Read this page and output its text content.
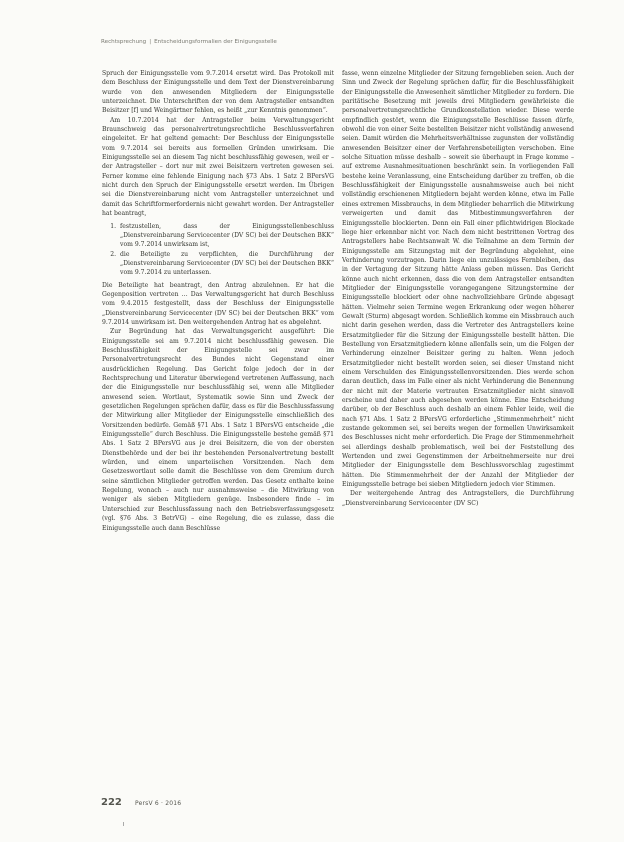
Rechtsprechung | Entscheidungsformalien der Einigungsstelle

Spruch der Einigungsstelle vom 9.7.2014 ersetzt wird. Das Protokoll mit dem Beschluss der Einigungsstelle und dem Text der Dienstvereinbarung wurde von den anwesenden Mitgliedern der Einigungsstelle unterzeichnet. Die Unterschriften der von dem Antragsteller entsandten Beisitzer [f] und Weingärtner fehlen, es heißt „zur Kenntnis genommen“.

Am 10.7.2014 hat der Antragsteller beim Verwaltungsgericht Braunschweig das personalvertretungsrechtliche Beschlussverfahren eingeleitet. Er hat geltend gemacht: Der Beschluss der Einigungsstelle vom 9.7.2014 sei bereits aus formellen Gründen unwirksam. Die Einigungsstelle sei an diesem Tag nicht beschlussfähig gewesen, weil er – der Antragsteller – dort nur mit zwei Beisitzern vertreten gewesen sei. Ferner komme eine fehlende Einigung nach §73 Abs. 1 Satz 2 BPersVG nicht durch den Spruch der Einigungsstelle ersetzt werden. Im Übrigen sei die Dienstvereinbarung nicht vom Antragsteller unterzeichnet und damit das Schriftformerfordernis nicht gewahrt worden. Der Antragsteller hat beantragt,

1. festzustellen, dass der Einigungsstellenbeschluss „Dienstvereinbarung Servicecenter (DV SC) bei der Deutschen BKK“ vom 9.7.2014 unwirksam ist,
2. die Beteiligte zu verpflichten, die Durchführung der „Dienstvereinbarung Servicecenter (DV SC) bei der Deutschen BKK“ vom 9.7.2014 zu unterlassen.

Die Beteiligte hat beantragt, den Antrag abzulehnen. Er hat die Gegenposition vertreten … Das Verwaltungsgericht hat durch Beschluss vom 9.4.2015 festgestellt, dass der Beschluss der Einigungsstelle „Dienstvereinbarung Servicecenter (DV SC) bei der Deutschen BKK“ vom 9.7.2014 unwirksam ist. Den weitergehenden Antrag hat es abgelehnt.

Zur Begründung hat das Verwaltungsgericht ausgeführt: Die Einigungsstelle sei am 9.7.2014 nicht beschlussfähig gewesen. Die Beschlussfähigkeit der Einigungsstelle sei zwar im Personalvertretungsrecht des Bundes nicht Gegenstand einer ausdrücklichen Regelung. Das Gericht folge jedoch der in der Rechtsprechung und Literatur überwiegend vertretenen Auffassung, nach der die Einigungsstelle nur beschlussfähig sei, wenn alle Mitglieder anwesend seien. Wortlaut, Systematik sowie Sinn und Zweck der gesetzlichen Regelungen sprächen dafür, dass es für die Beschlussfassung der Mitwirkung aller Mitglieder der Einigungsstelle einschließlich des Vorsitzenden bedürfe. Gemäß §71 Abs. 1 Satz 1 BPersVG entscheide „die Einigungsstelle“ durch Beschluss. Die Einigungsstelle bestehe gemäß §71 Abs. 1 Satz 2 BPersVG aus je drei Beisitzern, die von der obersten Dienstbehörde und der bei ihr bestehenden Personalvertretung bestellt würden, und einem unparteiischen Vorsitzenden. Nach dem Gesetzeswortlaut solle damit die Beschlüsse von dem Gremium durch seine sämtlichen Mitglieder getroffen werden. Das Gesetz enthalte keine Regelung, wonach – auch nur ausnahmsweise – die Mitwirkung von weniger als sieben Mitgliedern genüge. Insbesondere finde – im Unterschied zur Beschlussfassung nach den Betriebsverfassungsgesetz (vgl. §76 Abs. 3 BetrVG) – eine Regelung, die es zulasse, dass die Einigungsstelle auch dann Beschlüsse

fasse, wenn einzelne Mitglieder der Sitzung ferngeblieben seien. Auch der Sinn und Zweck der Regelung sprächen dafür, für die Beschlussfähigkeit der Einigungsstelle die Anwesenheit sämtlicher Mitglieder zu fordern. Die paritätische Besetzung mit jeweils drei Mitgliedern gewährleiste die personalvertretungsrechtliche Grundkonstellation wieder. Diese werde empfindlich gestört, wenn die Einigungsstelle Beschlüsse fassen dürfe, obwohl die von einer Seite bestellten Beisitzer nicht vollständig anwesend seien. Damit würden die Mehrheitsverhältnisse zugunsten der vollständig anwesenden Beisitzer einer der Verfahrensbeteiligten verschoben. Eine solche Situation müsse deshalb – soweit sie überhaupt in Frage komme – auf extreme Ausnahmesituationen beschränkt sein. In vorliegenden Fall bestehe keine Veranlassung, eine Entscheidung darüber zu treffen, ob die Beschlussfähigkeit der Einigungsstelle ausnahmsweise auch bei nicht vollständig erschienenen Mitgliedern bejaht werden könne, etwa im Falle eines extremen Missbrauchs, in dem Mitglieder beharrlich die Mitwirkung verweigerten und damit das Mitbestimmungsverfahren der Einigungsstelle blockierten. Denn ein Fall einer pflichtwidrigen Blockade liege hier erkennbar nicht vor. Nach dem nicht bestrittenen Vortrag des Antragstellers habe Rechtsanwalt W. die Teilnahme an dem Termin der Einigungsstelle am Sitzungstag mit der Begründung abgelehnt, eine Verhinderung vorzutragen. Darin liege ein unzulässiges Fernbleiben, das in der Vertagung der Sitzung hätte Anlass geben müssen. Das Gericht könne auch nicht erkennen, dass die von dem Antragsteller entsandten Mitglieder der Einigungsstelle vorangegangene Sitzungstermine der Einigungsstelle blockiert oder ohne nachvollziehbare Gründe abgesagt hätten. Vielmehr seien Termine wegen Erkrankung oder wegen höherer Gewalt (Sturm) abgesagt worden. Schließlich komme ein Missbrauch auch nicht darin gesehen werden, dass die Vertreter des Antragstellers keine Ersatzmitglieder für die Sitzung der Einigungsstelle bestellt hätten. Die Bestellung von Ersatzmitgliedern könne allenfalls sein, um die Folgen der Verhinderung einzelner Beisitzer gering zu halten. Wenn jedoch Ersatzmitglieder nicht bestellt worden seien, sei dieser Umstand nicht einem Verschulden des Einigungsstellenvorsitzenden. Dies werde schon daran deutlich, dass im Falle einer als nicht Verhinderung die Benennung der nicht mit der Materie vertrauten Ersatzmitglieder nicht sinnvoll erscheine und daher auch abgesehen werden könne. Eine Entscheidung darüber, ob der Beschluss auch deshalb an einem Fehler leide, weil die nach §71 Abs. 1 Satz 2 BPersVG erforderliche „Stimmenmehrheit“ nicht zustande gekommen sei, sei bereits wegen der formellen Unwirksamkeit des Beschlusses nicht mehr erforderlich. Die Frage der Stimmenmehrheit sei allerdings deshalb problematisch, weil bei der Feststellung des Wertenden und zwei Gegenstimmen der Arbeitnehmerseite nur drei Mitglieder der Einigungsstelle dem Beschlussvorschlag zugestimmt hätten. Die Stimmenmehrheit der der Anzahl der Mitglieder der Einigungsstelle betrage bei sieben Mitgliedern jedoch vier Stimmen.

Der weitergehende Antrag des Antragstellers, die Durchführung „Dienstvereinbarung Servicecenter (DV SC)

222 PersV 6 · 2016
